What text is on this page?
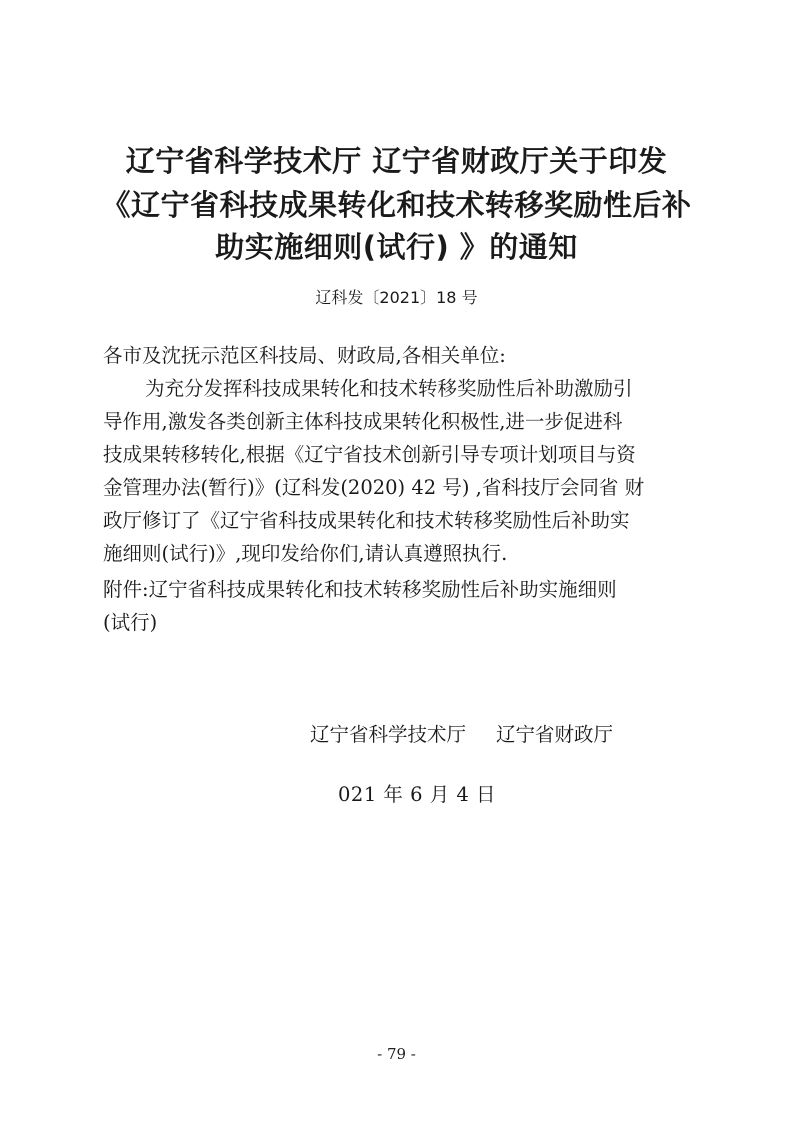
辽宁省科学技术厅 辽宁省财政厅关于印发
《辽宁省科技成果转化和技术转移奖励性后补
助实施细则(试行) 》的通知
辽科发〔2021〕18 号
各市及沈抚示范区科技局、财政局,各相关单位:
为充分发挥科技成果转化和技术转移奖励性后补助激励引
导作用,激发各类创新主体科技成果转化积极性,进一步促进科
技成果转移转化,根据《辽宁省技术创新引导专项计划项目与资
金管理办法(暂行)》(辽科发(2020) 42 号) ,省科技厅会同省 财
政厅修订了《辽宁省科技成果转化和技术转移奖励性后补助实
施细则(试行)》,现印发给你们,请认真遵照执行.
附件:辽宁省科技成果转化和技术转移奖励性后补助实施细则
(试行)
辽宁省科学技术厅 辽宁省财政厅
021 年 6 月 4 日
- 79 -
